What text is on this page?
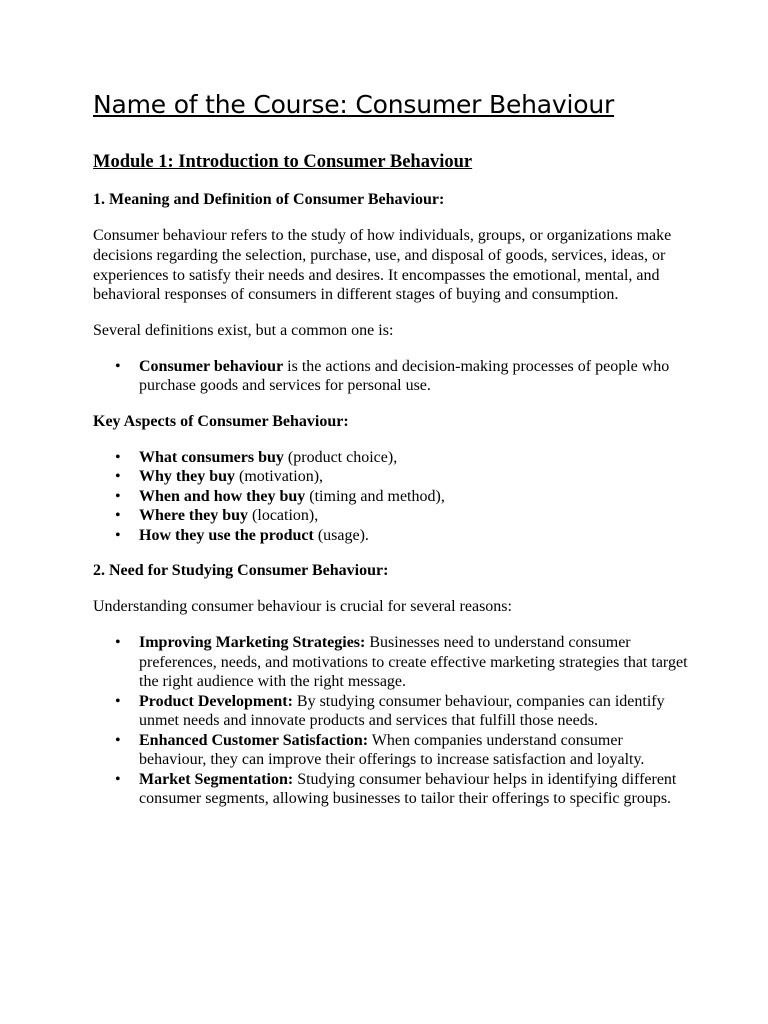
Name of the Course: Consumer Behaviour
Module 1: Introduction to Consumer Behaviour
1. Meaning and Definition of Consumer Behaviour:

Consumer behaviour refers to the study of how individuals, groups, or organizations make decisions regarding the selection, purchase, use, and disposal of goods, services, ideas, or experiences to satisfy their needs and desires. It encompasses the emotional, mental, and behavioral responses of consumers in different stages of buying and consumption.

Several definitions exist, but a common one is:

• Consumer behaviour is the actions and decision-making processes of people who purchase goods and services for personal use.
Key Aspects of Consumer Behaviour:
• What consumers buy (product choice),
• Why they buy (motivation),
• When and how they buy (timing and method),
• Where they buy (location),
• How they use the product (usage).
2. Need for Studying Consumer Behaviour:

Understanding consumer behaviour is crucial for several reasons:

• Improving Marketing Strategies: Businesses need to understand consumer preferences, needs, and motivations to create effective marketing strategies that target the right audience with the right message.
• Product Development: By studying consumer behaviour, companies can identify unmet needs and innovate products and services that fulfill those needs.
• Enhanced Customer Satisfaction: When companies understand consumer behaviour, they can improve their offerings to increase satisfaction and loyalty.
• Market Segmentation: Studying consumer behaviour helps in identifying different consumer segments, allowing businesses to tailor their offerings to specific groups.
